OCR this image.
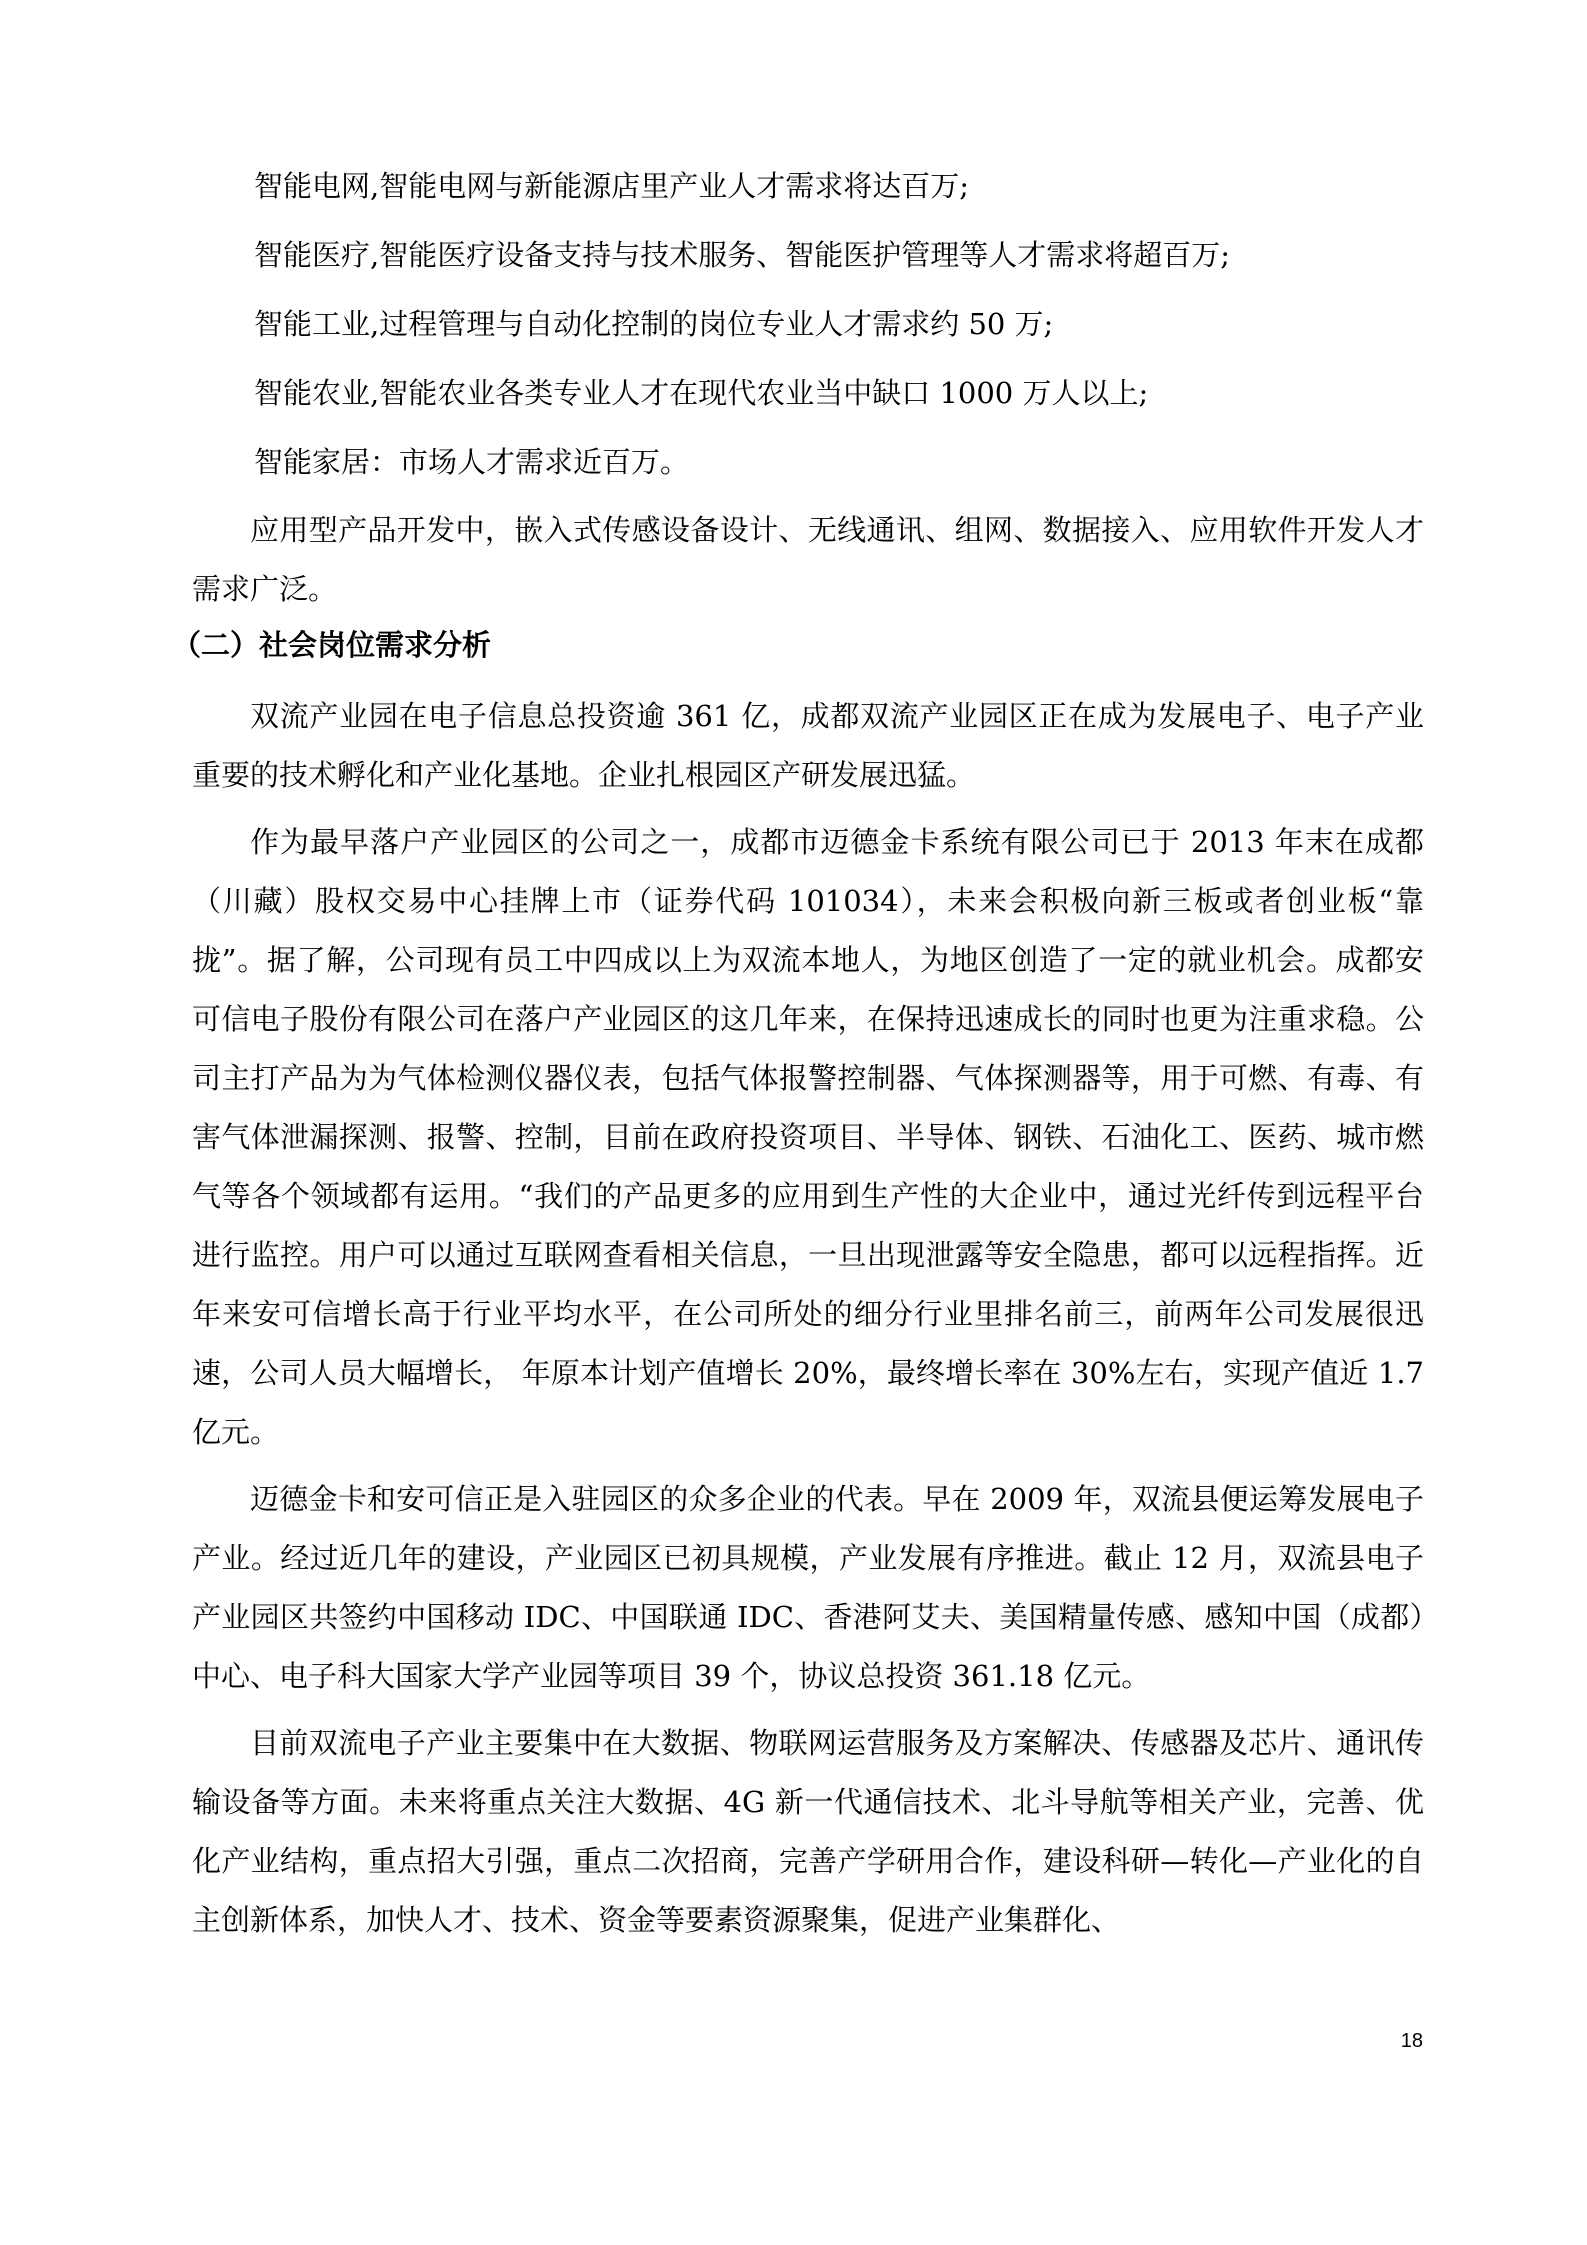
智能电网,智能电网与新能源店里产业人才需求将达百万;

智能医疗,智能医疗设备支持与技术服务、智能医护管理等人才需求将超百万;

智能工业,过程管理与自动化控制的岗位专业人才需求约 50 万;

智能农业,智能农业各类专业人才在现代农业当中缺口 1000 万人以上;

智能家居：市场人才需求近百万。

应用型产品开发中，嵌入式传感设备设计、无线通讯、组网、数据接入、应用软件开发人才需求广泛。

（二）社会岗位需求分析

双流产业园在电子信息总投资逾 361 亿，成都双流产业园区正在成为发展电子、电子产业重要的技术孵化和产业化基地。企业扎根园区产研发展迅猛。

作为最早落户产业园区的公司之一，成都市迈德金卡系统有限公司已于 2013 年末在成都（川藏）股权交易中心挂牌上市（证券代码 101034），未来会积极向新三板或者创业板“靠拢”。据了解，公司现有员工中四成以上为双流本地人，为地区创造了一定的就业机会。成都安可信电子股份有限公司在落户产业园区的这几年来，在保持迅速成长的同时也更为注重求稳。公司主打产品为为气体检测仪器仪表，包括气体报警控制器、气体探测器等，用于可燃、有毒、有害气体泄漏探测、报警、控制，目前在政府投资项目、半导体、钢铁、石油化工、医药、城市燃气等各个领域都有运用。“我们的产品更多的应用到生产性的大企业中，通过光纤传到远程平台进行监控。用户可以通过互联网查看相关信息，一旦出现泄露等安全隐患，都可以远程指挥。近年来安可信增长高于行业平均水平，在公司所处的细分行业里排名前三，前两年公司发展很迅速，公司人员大幅增长， 年原本计划产值增长 20%，最终增长率在 30%左右，实现产值近 1.7 亿元。

迈德金卡和安可信正是入驻园区的众多企业的代表。早在 2009 年，双流县便运筹发展电子产业。经过近几年的建设，产业园区已初具规模，产业发展有序推进。截止 12 月，双流县电子产业园区共签约中国移动 IDC、中国联通 IDC、香港阿艾夫、美国精量传感、感知中国（成都）中心、电子科大国家大学产业园等项目 39 个，协议总投资 361.18 亿元。

目前双流电子产业主要集中在大数据、物联网运营服务及方案解决、传感器及芯片、通讯传输设备等方面。未来将重点关注大数据、4G 新一代通信技术、北斗导航等相关产业，完善、优化产业结构，重点招大引强，重点二次招商，完善产学研用合作，建设科研—转化—产业化的自主创新体系，加快人才、技术、资金等要素资源聚集，促进产业集群化、

18
